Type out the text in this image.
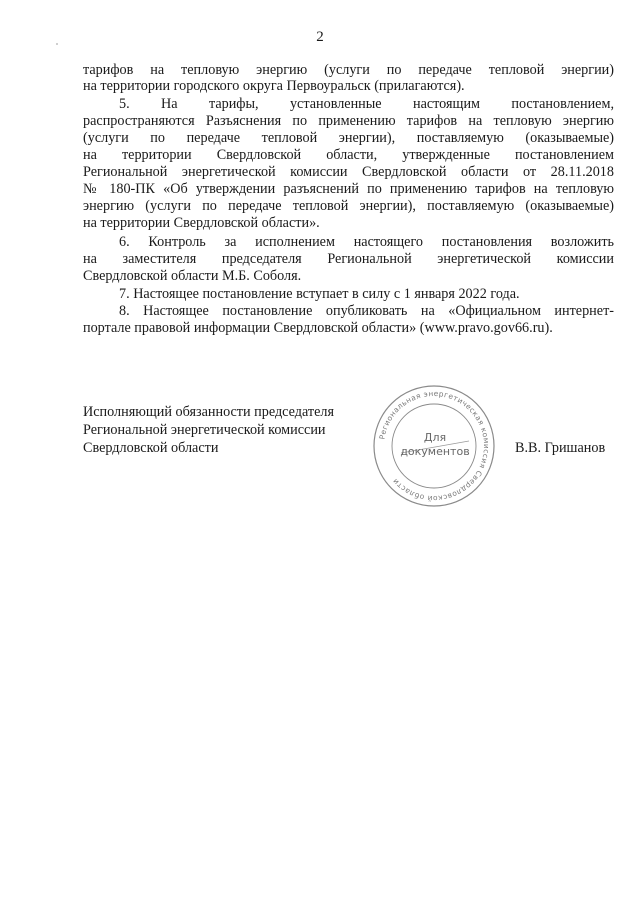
2
тарифов на тепловую энергию (услуги по передаче тепловой энергии)
на территории городского округа Первоуральск (прилагаются).
5. На тарифы, установленные настоящим постановлением,
распространяются Разъяснения по применению тарифов на тепловую энергию
(услуги по передаче тепловой энергии), поставляемую (оказываемые)
на территории Свердловской области, утвержденные постановлением
Региональной энергетической комиссии Свердловской области от 28.11.2018
№ 180-ПК «Об утверждении разъяснений по применению тарифов на тепловую
энергию (услуги по передаче тепловой энергии), поставляемую (оказываемые)
на территории Свердловской области».
6. Контроль за исполнением настоящего постановления возложить
на заместителя председателя Региональной энергетической комиссии
Свердловской области М.Б. Соболя.
7. Настоящее постановление вступает в силу с 1 января 2022 года.
8. Настоящее постановление опубликовать на «Официальном интернет-
портале правовой информации Свердловской области» (www.pravo.gov66.ru).
Исполняющий обязанности председателя
Региональной энергетической комиссии
Свердловской области
Региональная энергетическая комиссия Свердловской области
Для
документов	В.В. Гришанов
